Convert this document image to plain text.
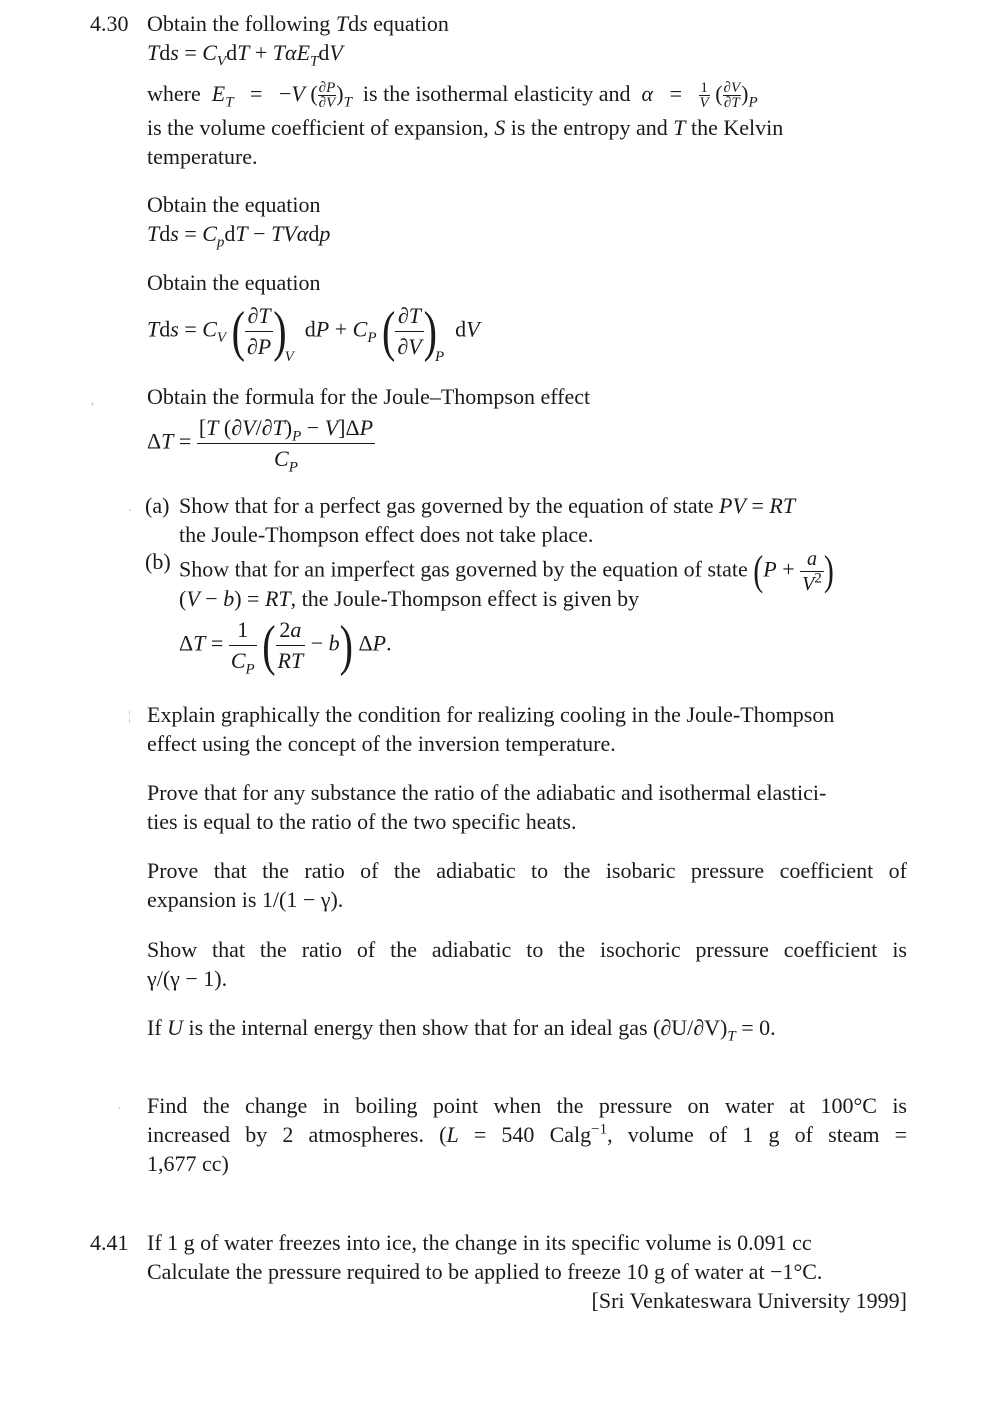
4.30 Obtain the following Tds equation
Tds = $C_VdT + T\alpha E_TdV$
where $E_T = -V$ ( $\frac{\partial P}{\partial V} )_T$ is the isothermal elasticity and $\alpha = \frac{1}{V}$ ( $\frac{\partial V}{\partial T} )_P$
is the volume coefficient of expansion, S is the entropy and T the Kelvin
temperature.
Obtain the equation
Tds = $C_pdT - TV\alpha dp$
Obtain the equation
Tds = $C_V$ ( $\frac{\partial T}{\partial P} )V$  dP + $C_P$ ( $\frac{\partial T}{\partial V} )P$  dV
‚ Obtain the formula for the Joule–Thompson effect
$\Delta T = \frac{[T (\partial V/\partial T)_P - V]\Delta P}{C_P}$
· (a) Show that for a perfect gas governed by the equation of state PV = RT
the Joule-Thompson effect does not take place.
(b) Show that for an imperfect gas governed by the equation of state ($P + \frac{a}{V^2}$ )
(V − b) = RT, the Joule-Thompson effect is given by
$\Delta T = \frac{1}{C_P}$ ( $\frac{2a}{RT} - b$) ΔP.
¦ Explain graphically the condition for realizing cooling in the Joule-Thompson
effect using the concept of the inversion temperature.
Prove that for any substance the ratio of the adiabatic and isothermal elastici-
ties is equal to the ratio of the two specific heats.
Prove that the ratio of the adiabatic to the isobaric pressure coefficient of
expansion is 1/(1 − γ).
Show that the ratio of the adiabatic to the isochoric pressure coefficient is
γ/(γ − 1).
If U is the internal energy then show that for an ideal gas $(\partial U/\partial V)_T = 0$.
· Find the change in boiling point when the pressure on water at 100°C is
increased by 2 atmospheres. (L = 540 Calg$^{-1}$, volume of 1 g of steam =
1,677 cc)
4.41 If 1 g of water freezes into ice, the change in its specific volume is 0.091 cc
Calculate the pressure required to be applied to freeze 10 g of water at −1°C.
[Sri Venkateswara University 1999]
